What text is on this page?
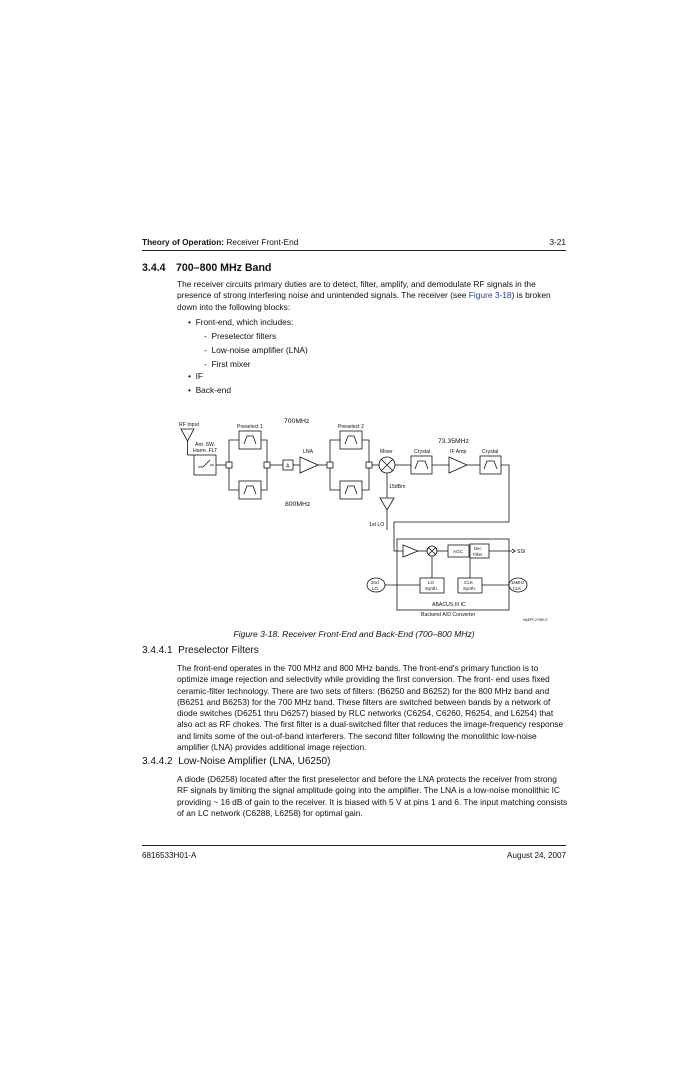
Theory of Operation: Receiver Front-End	3-21
3.4.4 700–800 MHz Band

The receiver circuits primary duties are to detect, filter, amplify, and demodulate RF signals in the presence of strong interfering noise and unintended signals. The receiver (see Figure 3-18) is broken down into the following blocks:

•  Front-end, which includes:
-  Preselector filters
-  Low-noise amplifier (LNA)
-  First mixer
•  IF
•  Back-end
RF Input
Ant. SW.
Harm. FLT
Preselect 1	Preselect 2
700MHz
800MHz
LNA
A
Mixer
73.35MHz
Crystal	IF Amp	Crystal
15dBm
1st LO
AGC
Dec
Filter	SSI
2nd
LO
LO
Synth.
CLK
Synth.
16MHz
CLK
ABACUS III IC
Backend A/D Converter
MAEPF-27969-O
Figure 3-18. Receiver Front-End and Back-End (700–800 MHz)
3.4.4.1 Preselector Filters

The front-end operates in the 700 MHz and 800 MHz bands. The front-end's primary function is to optimize image rejection and selectivity while providing the first conversion. The front- end uses fixed ceramic-filter technology. There are two sets of filters: (B6250 and B6252) for the 800 MHz band and (B6251 and B6253) for the 700 MHz band. These filters are switched between bands by a network of diode switches (D6251 thru D6257) biased by RLC networks (C6254, C6260, R6254, and L6254) that also act as RF chokes. The first filter is a dual-switched filter that reduces the image-frequency response and limits some of the out-of-band interferers. The second filter following the monolithic low-noise amplifier (LNA) provides additional image rejection.

3.4.4.2 Low-Noise Amplifier (LNA, U6250)

A diode (D6258) located after the first preselector and before the LNA protects the receiver from strong RF signals by limiting the signal amplitude going into the amplifier. The LNA is a low-noise monolithic IC providing ~ 16 dB of gain to the receiver. It is biased with 5 V at pins 1 and 6. The input matching consists of an LC network (C6288, L6258) for optimal gain.

6816533H01-A	August 24, 2007
